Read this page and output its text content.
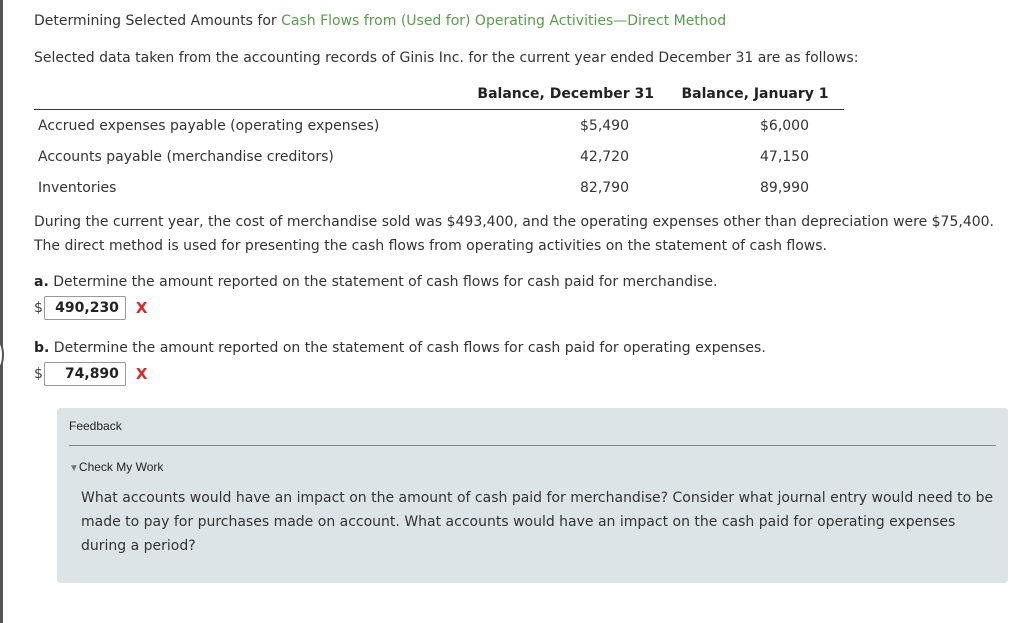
Determining Selected Amounts for Cash Flows from (Used for) Operating Activities—Direct Method
Selected data taken from the accounting records of Ginis Inc. for the current year ended December 31 are as follows:
	Balance, December 31	Balance, January 1
Accrued expenses payable (operating expenses)	$5,490	$6,000
Accounts payable (merchandise creditors)	42,720	47,150
Inventories	82,790	89,990
During the current year, the cost of merchandise sold was $493,400, and the operating expenses other than depreciation were $75,400. The direct method is used for presenting the cash flows from operating activities on the statement of cash flows.
a. Determine the amount reported on the statement of cash flows for cash paid for merchandise.
$ 490,230	X
b. Determine the amount reported on the statement of cash flows for cash paid for operating expenses.
$	74,890	X
Feedback
▼Check My Work
What accounts would have an impact on the amount of cash paid for merchandise? Consider what journal entry would need to be made to pay for purchases made on account. What accounts would have an impact on the cash paid for operating expenses during a period?
